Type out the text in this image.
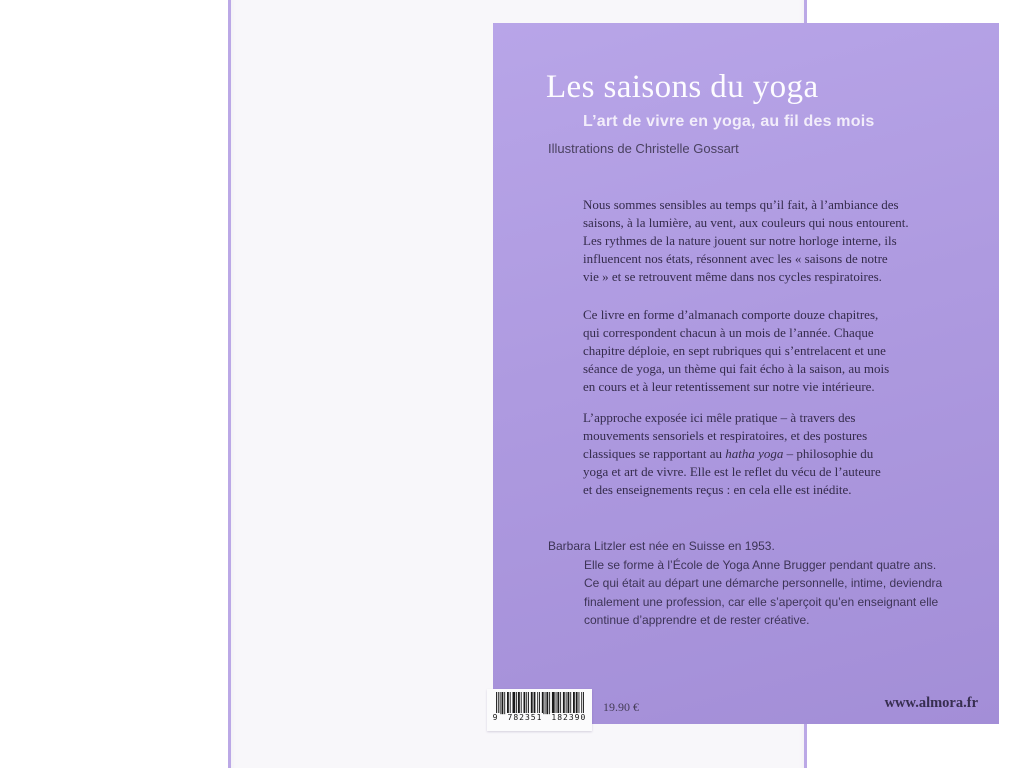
Les saisons du yoga
L’art de vivre en yoga, au fil des mois
Illustrations de Christelle Gossart
Nous sommes sensibles au temps qu’il fait, à l’ambiance des
saisons, à la lumière, au vent, aux couleurs qui nous entourent.
Les rythmes de la nature jouent sur notre horloge interne, ils
influencent nos états, résonnent avec les « saisons de notre
vie » et se retrouvent même dans nos cycles respiratoires.
Ce livre en forme d’almanach comporte douze chapitres,
qui correspondent chacun à un mois de l’année. Chaque
chapitre déploie, en sept rubriques qui s’entrelacent et une
séance de yoga, un thème qui fait écho à la saison, au mois
en cours et à leur retentissement sur notre vie intérieure.
L’approche exposée ici mêle pratique – à travers des
mouvements sensoriels et respiratoires, et des postures
classiques se rapportant au hatha yoga – philosophie du
yoga et art de vivre. Elle est le reflet du vécu de l’auteure
et des enseignements reçus : en cela elle est inédite.
Barbara Litzler est née en Suisse en 1953.
Elle se forme à l’École de Yoga Anne Brugger pendant quatre ans.
Ce qui était au départ une démarche personnelle, intime, deviendra
finalement une profession, car elle s’aperçoit qu’en enseignant elle
continue d’apprendre et de rester créative.
9 782351 182390
19.90 €	www.almora.fr
